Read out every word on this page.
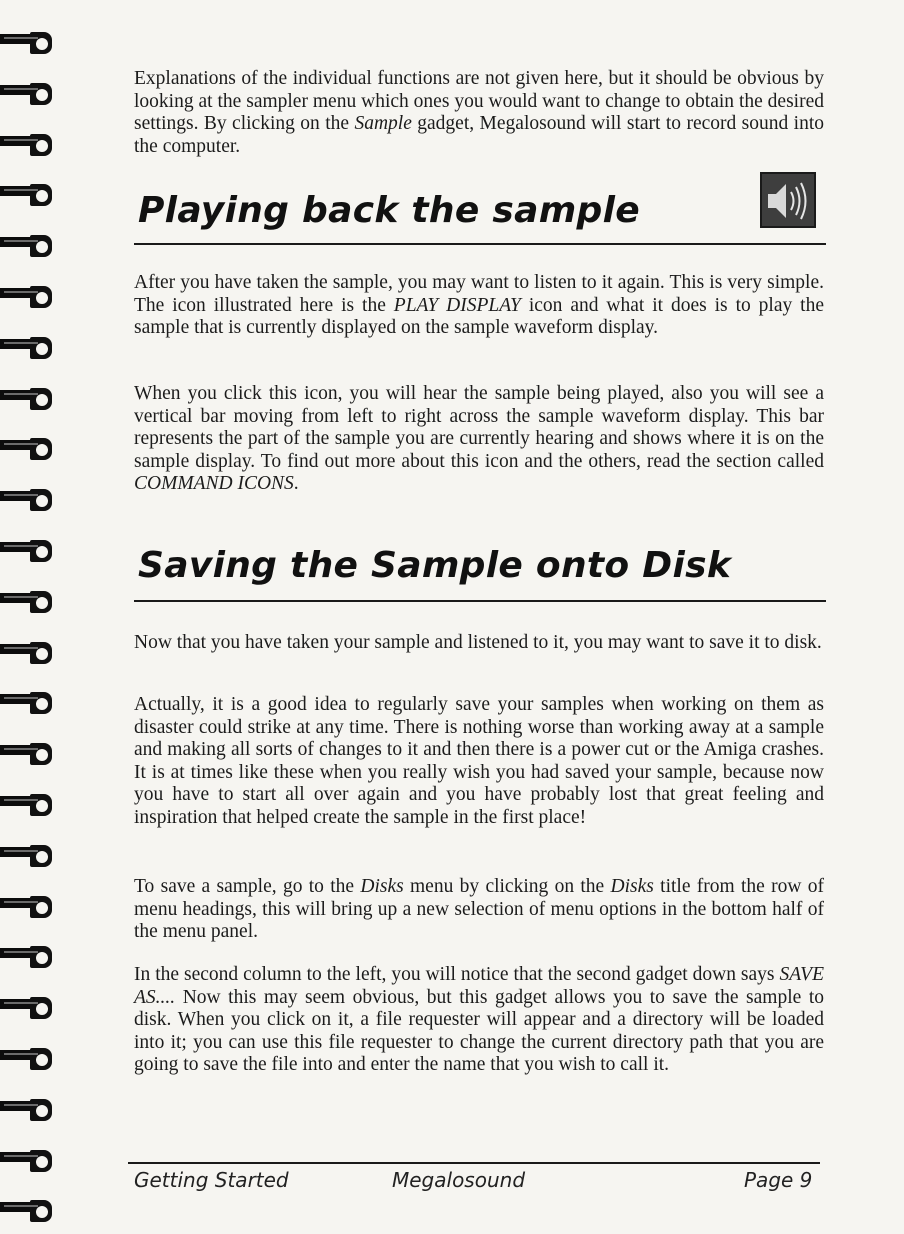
Explanations of the individual functions are not given here, but it should be obvious by looking at the sampler menu which ones you would want to change to obtain the desired settings. By clicking on the Sample gadget, Megalosound will start to record sound into the computer.

Playing back the sample

After you have taken the sample, you may want to listen to it again. This is very simple. The icon illustrated here is the PLAY DISPLAY icon and what it does is to play the sample that is currently displayed on the sample waveform display.

When you click this icon, you will hear the sample being played, also you will see a vertical bar moving from left to right across the sample waveform display. This bar represents the part of the sample you are currently hearing and shows where it is on the sample display. To find out more about this icon and the others, read the section called COMMAND ICONS.

Saving the Sample onto Disk

Now that you have taken your sample and listened to it, you may want to save it to disk.

Actually, it is a good idea to regularly save your samples when working on them as disaster could strike at any time. There is nothing worse than working away at a sample and making all sorts of changes to it and then there is a power cut or the Amiga crashes. It is at times like these when you really wish you had saved your sample, because now you have to start all over again and you have probably lost that great feeling and inspiration that helped create the sample in the first place!

To save a sample, go to the Disks menu by clicking on the Disks title from the row of menu headings, this will bring up a new selection of menu options in the bottom half of the menu panel.

In the second column to the left, you will notice that the second gadget down says SAVE AS.... Now this may seem obvious, but this gadget allows you to save the sample to disk. When you click on it, a file requester will appear and a directory will be loaded into it; you can use this file requester to change the current directory path that you are going to save the file into and enter the name that you wish to call it.

Getting Started	Megalosound	Page 9
